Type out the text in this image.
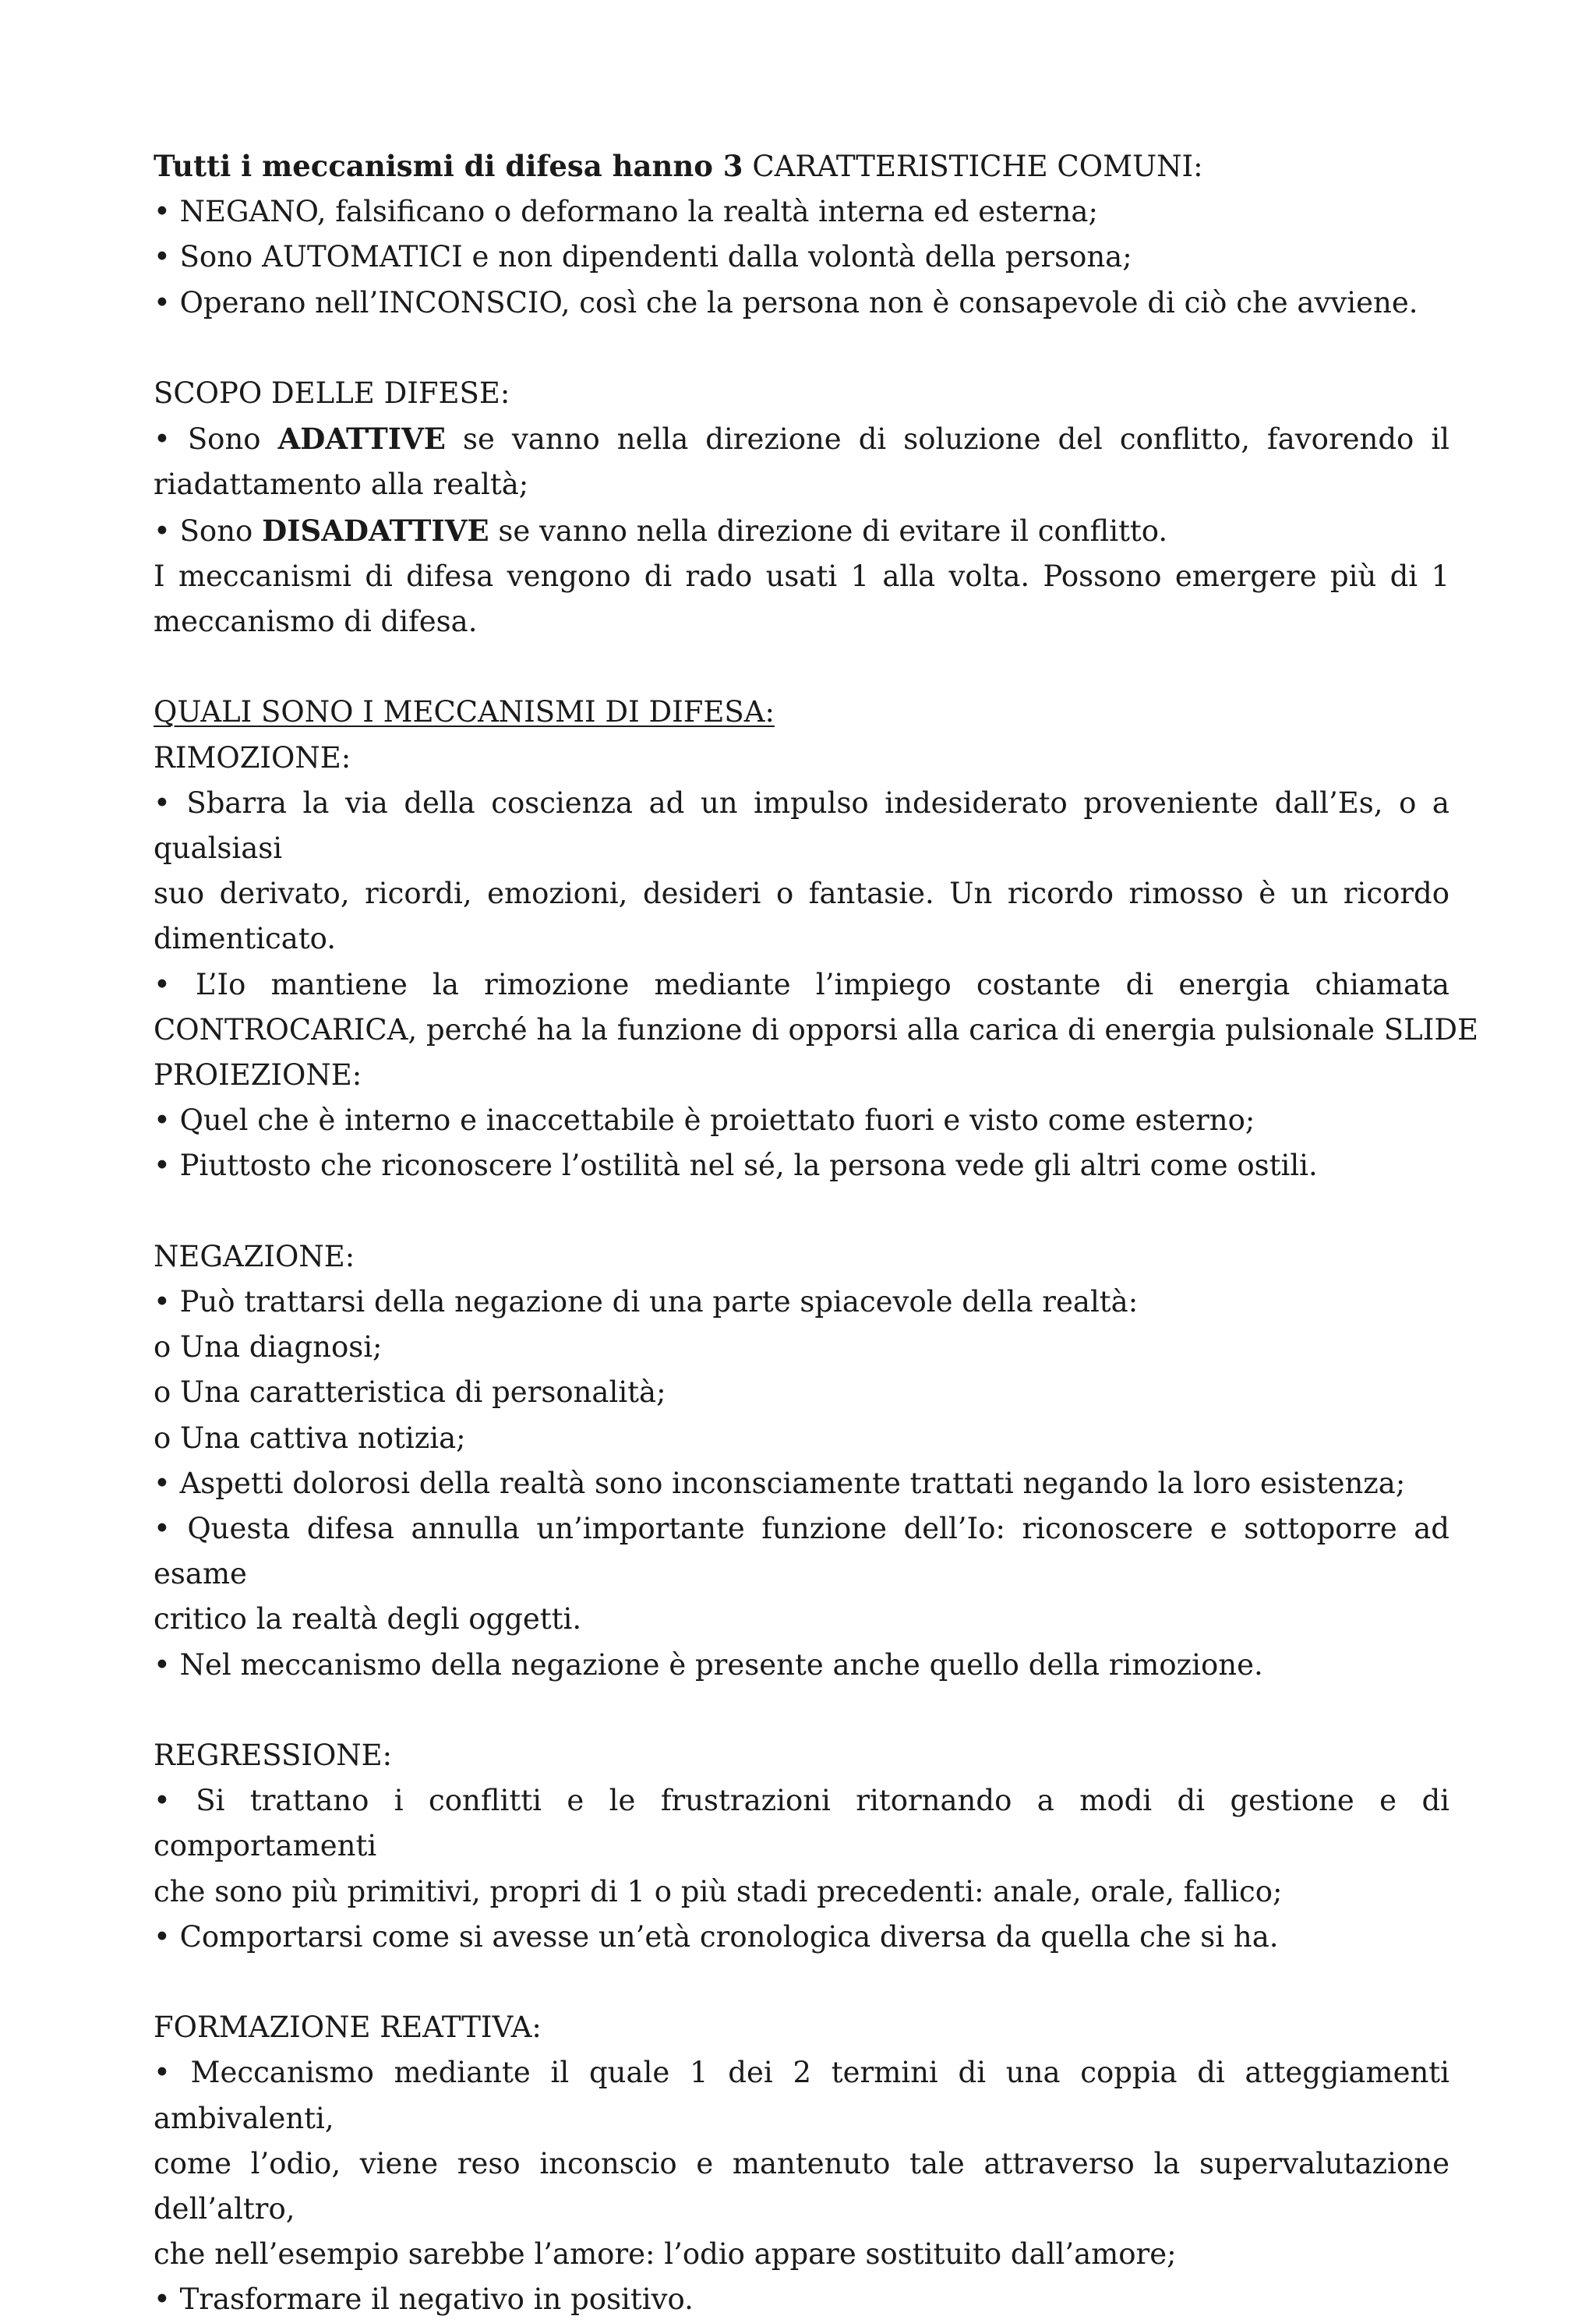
Tutti i meccanismi di difesa hanno 3 CARATTERISTICHE COMUNI:
• NEGANO, falsificano o deformano la realtà interna ed esterna;
• Sono AUTOMATICI e non dipendenti dalla volontà della persona;
• Operano nell’INCONSCIO, così che la persona non è consapevole di ciò che avviene.
SCOPO DELLE DIFESE:
• Sono ADATTIVE se vanno nella direzione di soluzione del conflitto, favorendo il
riadattamento alla realtà;
• Sono DISADATTIVE se vanno nella direzione di evitare il conflitto.
I meccanismi di difesa vengono di rado usati 1 alla volta. Possono emergere più di 1
meccanismo di difesa.
QUALI SONO I MECCANISMI DI DIFESA:
RIMOZIONE:
• Sbarra la via della coscienza ad un impulso indesiderato proveniente dall’Es, o a qualsiasi
suo derivato, ricordi, emozioni, desideri o fantasie. Un ricordo rimosso è un ricordo
dimenticato.
• L’Io mantiene la rimozione mediante l’impiego costante di energia chiamata
CONTROCARICA, perché ha la funzione di opporsi alla carica di energia pulsionale SLIDE
PROIEZIONE:
• Quel che è interno e inaccettabile è proiettato fuori e visto come esterno;
• Piuttosto che riconoscere l’ostilità nel sé, la persona vede gli altri come ostili.
NEGAZIONE:
• Può trattarsi della negazione di una parte spiacevole della realtà:
o Una diagnosi;
o Una caratteristica di personalità;
o Una cattiva notizia;
• Aspetti dolorosi della realtà sono inconsciamente trattati negando la loro esistenza;
• Questa difesa annulla un’importante funzione dell’Io: riconoscere e sottoporre ad esame
critico la realtà degli oggetti.
• Nel meccanismo della negazione è presente anche quello della rimozione.
REGRESSIONE:
• Si trattano i conflitti e le frustrazioni ritornando a modi di gestione e di comportamenti
che sono più primitivi, propri di 1 o più stadi precedenti: anale, orale, fallico;
• Comportarsi come si avesse un’età cronologica diversa da quella che si ha.
FORMAZIONE REATTIVA:
• Meccanismo mediante il quale 1 dei 2 termini di una coppia di atteggiamenti ambivalenti,
come l’odio, viene reso inconscio e mantenuto tale attraverso la supervalutazione dell’altro,
che nell’esempio sarebbe l’amore: l’odio appare sostituito dall’amore;
• Trasformare il negativo in positivo.
